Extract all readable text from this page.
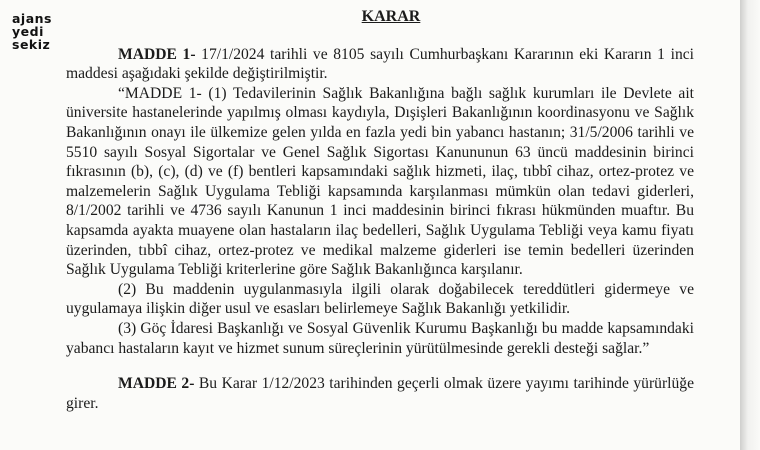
ajans
yedi
sekiz
KARAR

MADDE 1- 17/1/2024 tarihli ve 8105 sayılı Cumhurbaşkanı Kararının eki Kararın 1 inci maddesi aşağıdaki şekilde değiştirilmiştir.

“MADDE 1- (1) Tedavilerinin Sağlık Bakanlığına bağlı sağlık kurumları ile Devlete ait üniversite hastanelerinde yapılmış olması kaydıyla, Dışişleri Bakanlığının koordinasyonu ve Sağlık Bakanlığının onayı ile ülkemize gelen yılda en fazla yedi bin yabancı hastanın; 31/5/2006 tarihli ve 5510 sayılı Sosyal Sigortalar ve Genel Sağlık Sigortası Kanununun 63 üncü maddesinin birinci fıkrasının (b), (c), (d) ve (f) bentleri kapsamındaki sağlık hizmeti, ilaç, tıbbî cihaz, ortez-protez ve malzemelerin Sağlık Uygulama Tebliği kapsamında karşılanması mümkün olan tedavi giderleri, 8/1/2002 tarihli ve 4736 sayılı Kanunun 1 inci maddesinin birinci fıkrası hükmünden muaftır. Bu kapsamda ayakta muayene olan hastaların ilaç bedelleri, Sağlık Uygulama Tebliği veya kamu fiyatı üzerinden, tıbbî cihaz, ortez-protez ve medikal malzeme giderleri ise temin bedelleri üzerinden Sağlık Uygulama Tebliği kriterlerine göre Sağlık Bakanlığınca karşılanır.

(2) Bu maddenin uygulanmasıyla ilgili olarak doğabilecek tereddütleri gidermeye ve uygulamaya ilişkin diğer usul ve esasları belirlemeye Sağlık Bakanlığı yetkilidir.

(3) Göç İdaresi Başkanlığı ve Sosyal Güvenlik Kurumu Başkanlığı bu madde kapsamındaki yabancı hastaların kayıt ve hizmet sunum süreçlerinin yürütülmesinde gerekli desteği sağlar.”

MADDE 2- Bu Karar 1/12/2023 tarihinden geçerli olmak üzere yayımı tarihinde yürürlüğe girer.
